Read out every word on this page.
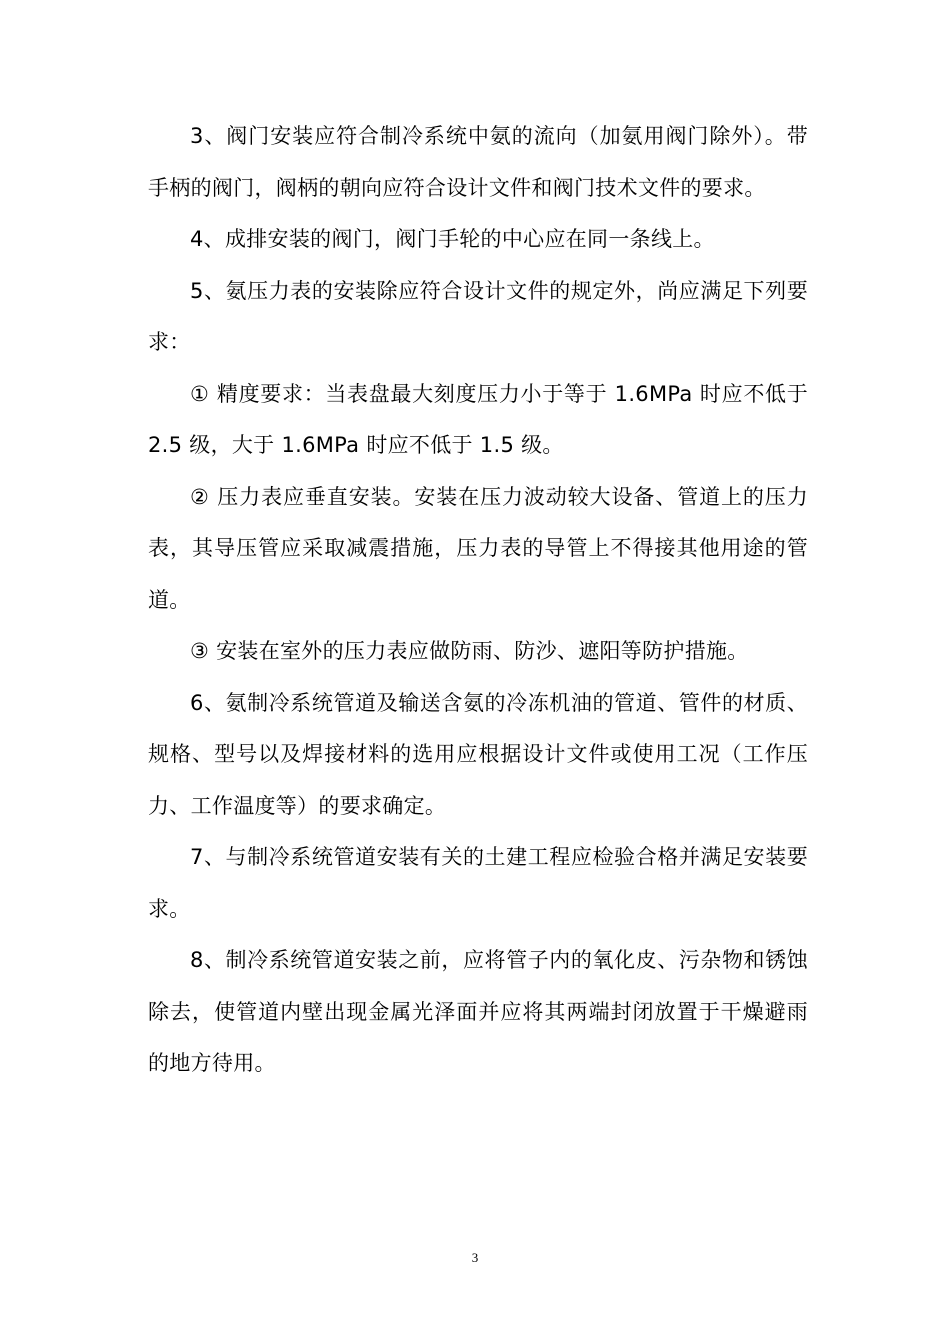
3、阀门安装应符合制冷系统中氨的流向（加氨用阀门除外）。带手柄的阀门，阀柄的朝向应符合设计文件和阀门技术文件的要求。

4、成排安装的阀门，阀门手轮的中心应在同一条线上。

5、氨压力表的安装除应符合设计文件的规定外，尚应满足下列要求：

① 精度要求：当表盘最大刻度压力小于等于 1.6MPa 时应不低于 2.5 级，大于 1.6MPa 时应不低于 1.5 级。

② 压力表应垂直安装。安装在压力波动较大设备、管道上的压力表，其导压管应采取减震措施，压力表的导管上不得接其他用途的管道。

③ 安装在室外的压力表应做防雨、防沙、遮阳等防护措施。

6、氨制冷系统管道及输送含氨的冷冻机油的管道、管件的材质、规格、型号以及焊接材料的选用应根据设计文件或使用工况（工作压力、工作温度等）的要求确定。

7、与制冷系统管道安装有关的土建工程应检验合格并满足安装要求。

8、制冷系统管道安装之前，应将管子内的氧化皮、污杂物和锈蚀除去，使管道内壁出现金属光泽面并应将其两端封闭放置于干燥避雨的地方待用。

3
